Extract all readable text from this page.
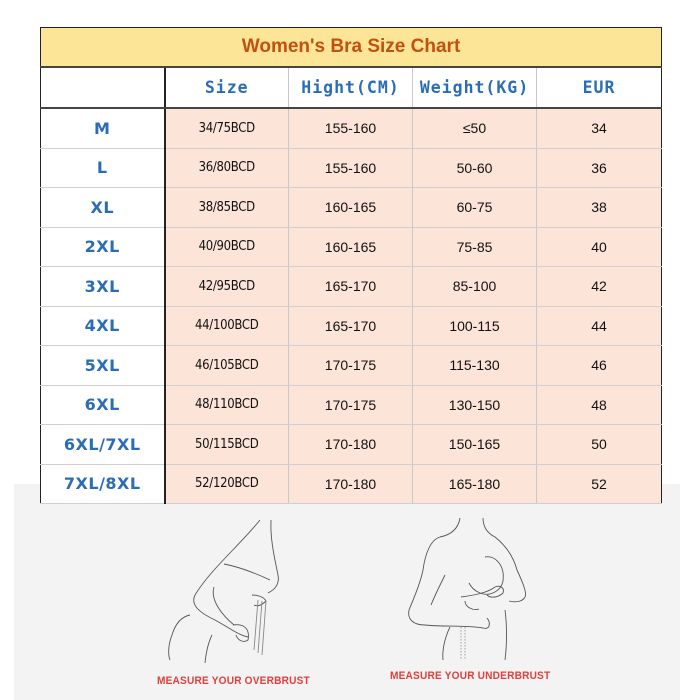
Women's Bra Size Chart				
	Size	Hight(CM)	Weight(KG)	EUR
M	34/75BCD	155-160	≤50	34
L	36/80BCD	155-160	50-60	36
XL	38/85BCD	160-165	60-75	38
2XL	40/90BCD	160-165	75-85	40
3XL	42/95BCD	165-170	85-100	42
4XL	44/100BCD	165-170	100-115	44
5XL	46/105BCD	170-175	115-130	46
6XL	48/110BCD	170-175	130-150	48
6XL/7XL	50/115BCD	170-180	150-165	50
7XL/8XL	52/120BCD	170-180	165-180	52
MEASURE YOUR OVERBRUST	MEASURE YOUR UNDERBRUST
